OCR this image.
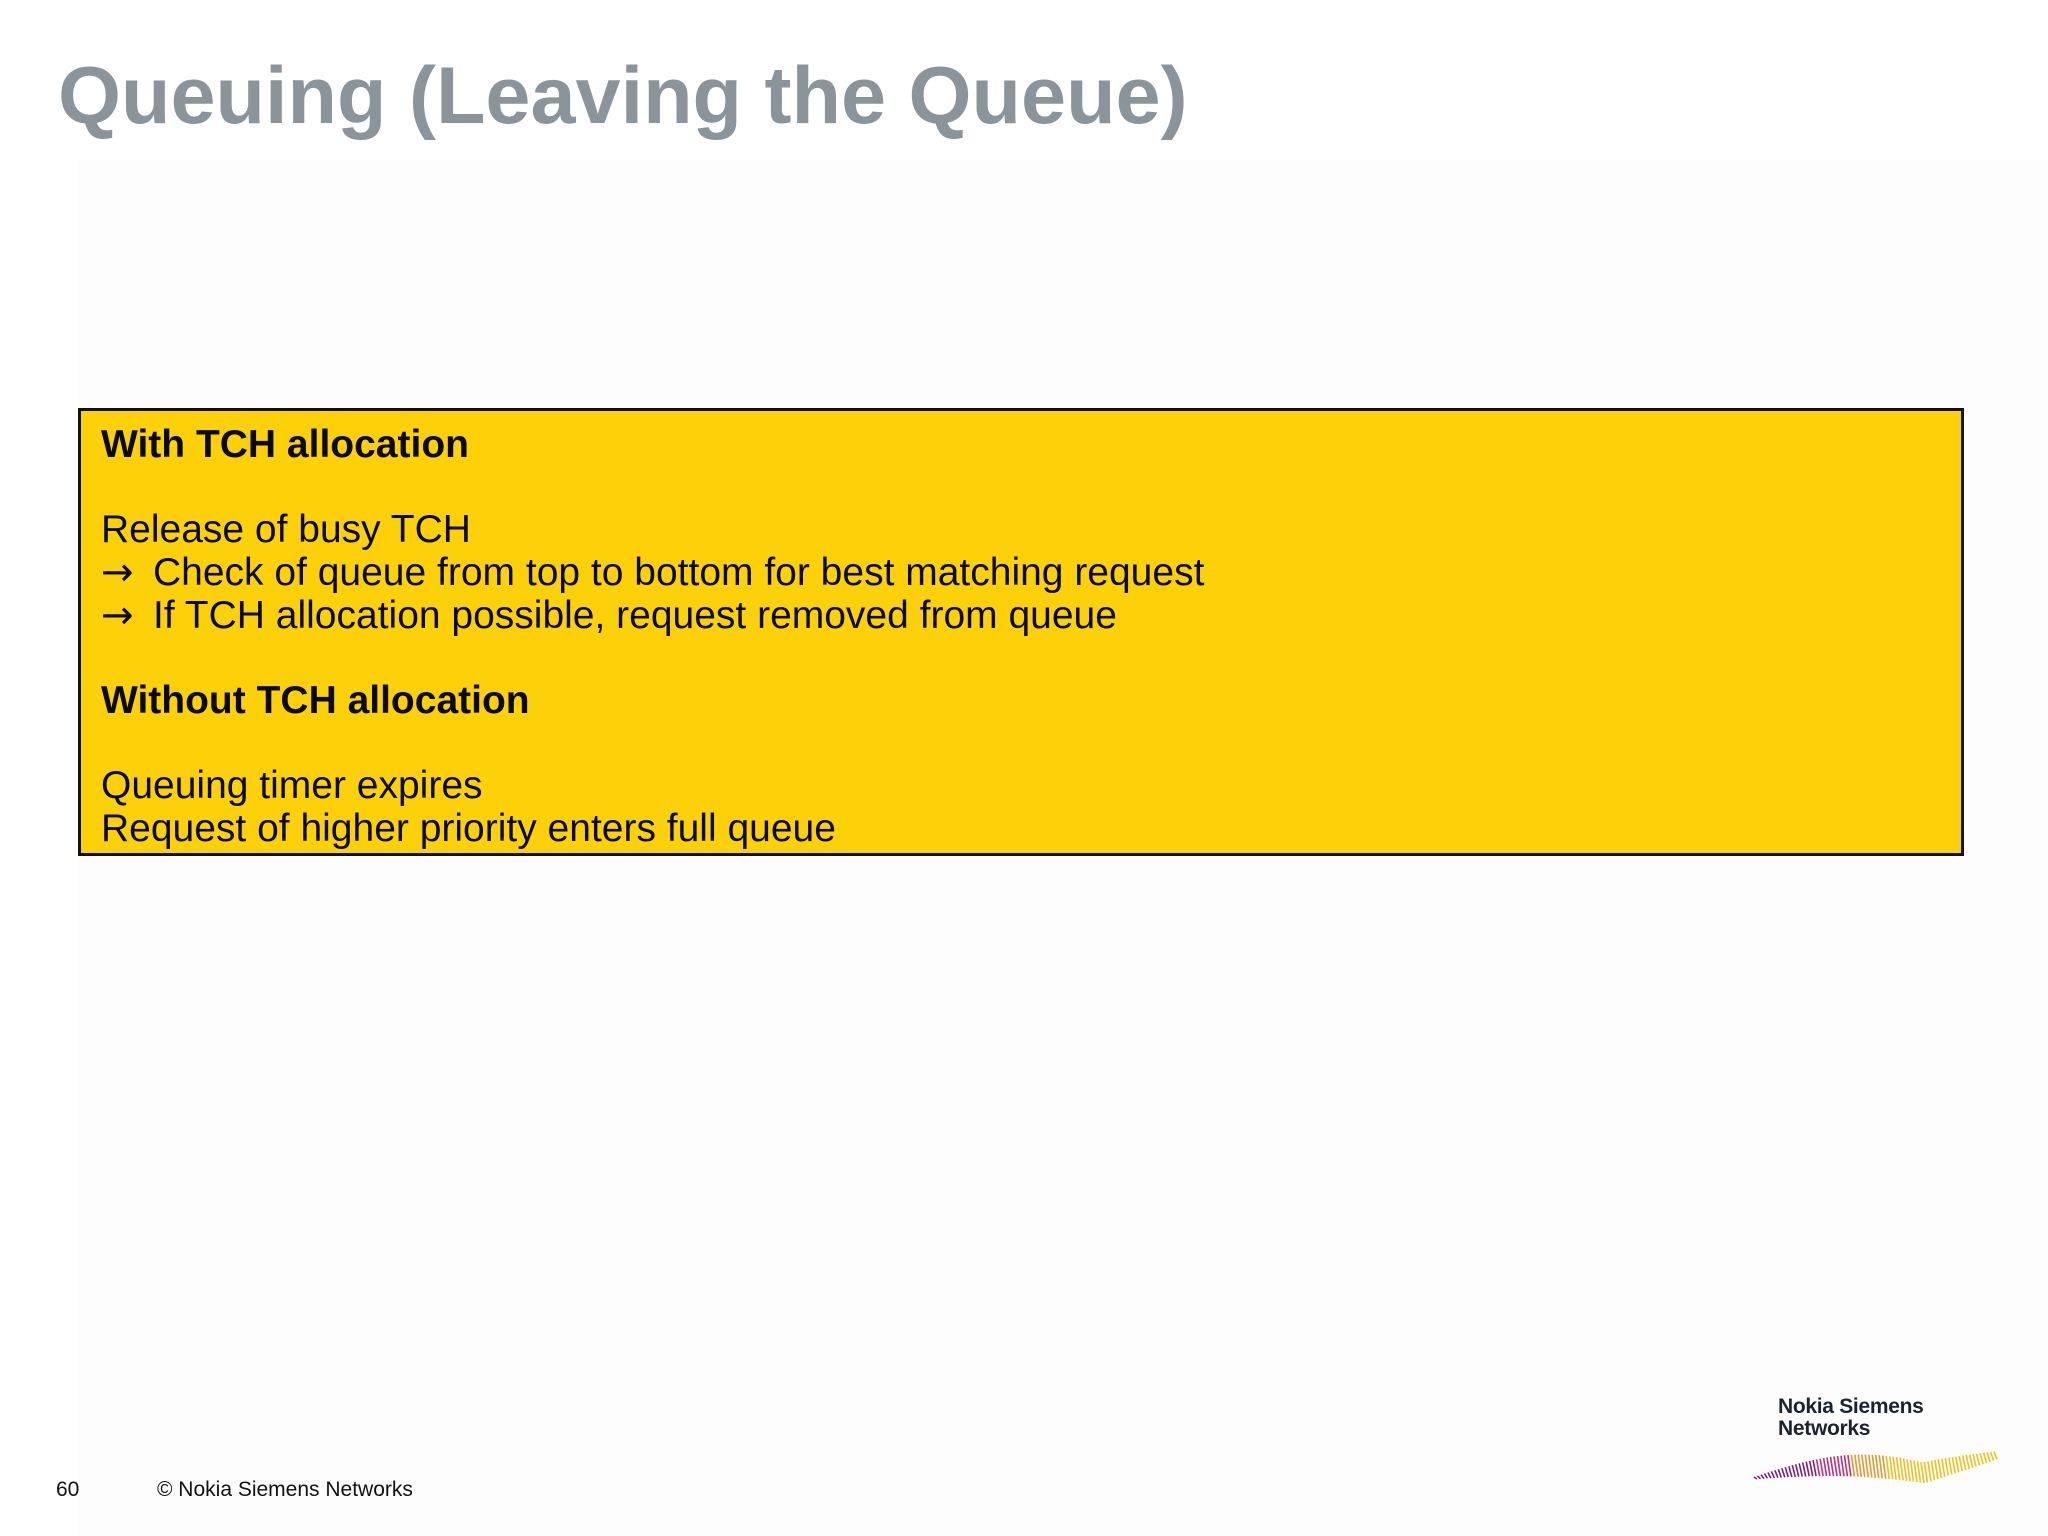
Queuing (Leaving the Queue)

With TCH allocation

Release of busy TCH

→ Check of queue from top to bottom for best matching request

→ If TCH allocation possible, request removed from queue

Without TCH allocation

Queuing timer expires

Request of higher priority enters full queue

60	© Nokia Siemens Networks
Nokia Siemens
Networks
